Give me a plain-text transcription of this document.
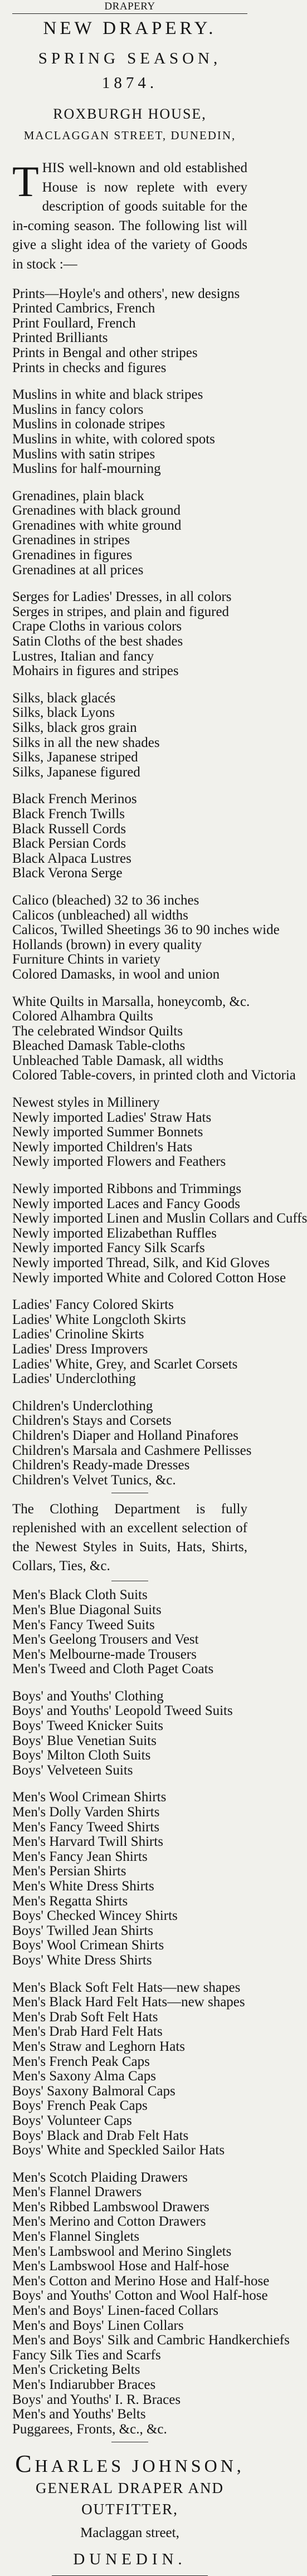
DRAPERY
NEW DRAPERY.
SPRING SEASON, 1874.
ROXBURGH HOUSE,
MACLAGGAN STREET, DUNEDIN,
T HIS well-known and old established House is now replete with every description of goods suitable for the in-coming season. The following list will give a slight idea of the variety of Goods in stock :—
Prints—Hoyle's and others', new designs
Printed Cambrics, French
Print Foullard, French
Printed Brilliants
Prints in Bengal and other stripes
Prints in checks and figures
Muslins in white and black stripes
Muslins in fancy colors
Muslins in colonade stripes
Muslins in white, with colored spots
Muslins with satin stripes
Muslins for half-mourning
Grenadines, plain black
Grenadines with black ground
Grenadines with white ground
Grenadines in stripes
Grenadines in figures
Grenadines at all prices
Serges for Ladies' Dresses, in all colors
Serges in stripes, and plain and figured
Crape Cloths in various colors
Satin Cloths of the best shades
Lustres, Italian and fancy
Mohairs in figures and stripes
Silks, black glacés
Silks, black Lyons
Silks, black gros grain
Silks in all the new shades
Silks, Japanese striped
Silks, Japanese figured
Black French Merinos
Black French Twills
Black Russell Cords
Black Persian Cords
Black Alpaca Lustres
Black Verona Serge
Calico (bleached) 32 to 36 inches
Calicos (unbleached) all widths
Calicos, Twilled Sheetings 36 to 90 inches wide
Hollands (brown) in every quality
Furniture Chints in variety
Colored Damasks, in wool and union
White Quilts in Marsalla, honeycomb, &c.
Colored Alhambra Quilts
The celebrated Windsor Quilts
Bleached Damask Table-cloths
Unbleached Table Damask, all widths
Colored Table-covers, in printed cloth and Victoria
Newest styles in Millinery
Newly imported Ladies' Straw Hats
Newly imported Summer Bonnets
Newly imported Children's Hats
Newly imported Flowers and Feathers
Newly imported Ribbons and Trimmings
Newly imported Laces and Fancy Goods
Newly imported Linen and Muslin Collars and Cuffs
Newly imported Elizabethan Ruffles
Newly imported Fancy Silk Scarfs
Newly imported Thread, Silk, and Kid Gloves
Newly imported White and Colored Cotton Hose
Ladies' Fancy Colored Skirts
Ladies' White Longcloth Skirts
Ladies' Crinoline Skirts
Ladies' Dress Improvers
Ladies' White, Grey, and Scarlet Corsets
Ladies' Underclothing
Children's Underclothing
Children's Stays and Corsets
Children's Diaper and Holland Pinafores
Children's Marsala and Cashmere Pellisses
Children's Ready-made Dresses
Children's Velvet Tunics, &c.
The Clothing Department is fully replenished with an excellent selection of the Newest Styles in Suits, Hats, Shirts, Collars, Ties, &c.
Men's Black Cloth Suits
Men's Blue Diagonal Suits
Men's Fancy Tweed Suits
Men's Geelong Trousers and Vest
Men's Melbourne-made Trousers
Men's Tweed and Cloth Paget Coats
Boys' and Youths' Clothing
Boys' and Youths' Leopold Tweed Suits
Boys' Tweed Knicker Suits
Boys' Blue Venetian Suits
Boys' Milton Cloth Suits
Boys' Velveteen Suits
Men's Wool Crimean Shirts
Men's Dolly Varden Shirts
Men's Fancy Tweed Shirts
Men's Harvard Twill Shirts
Men's Fancy Jean Shirts
Men's Persian Shirts
Men's White Dress Shirts
Men's Regatta Shirts
Boys' Checked Wincey Shirts
Boys' Twilled Jean Shirts
Boys' Wool Crimean Shirts
Boys' White Dress Shirts
Men's Black Soft Felt Hats—new shapes
Men's Black Hard Felt Hats—new shapes
Men's Drab Soft Felt Hats
Men's Drab Hard Felt Hats
Men's Straw and Leghorn Hats
Men's French Peak Caps
Men's Saxony Alma Caps
Boys' Saxony Balmoral Caps
Boys' French Peak Caps
Boys' Volunteer Caps
Boys' Black and Drab Felt Hats
Boys' White and Speckled Sailor Hats
Men's Scotch Plaiding Drawers
Men's Flannel Drawers
Men's Ribbed Lambswool Drawers
Men's Merino and Cotton Drawers
Men's Flannel Singlets
Men's Lambswool and Merino Singlets
Men's Lambswool Hose and Half-hose
Men's Cotton and Merino Hose and Half-hose
Boys' and Youths' Cotton and Wool Half-hose
Men's and Boys' Linen-faced Collars
Men's and Boys' Linen Collars
Men's and Boys' Silk and Cambric Handkerchiefs
Fancy Silk Ties and Scarfs
Men's Cricketing Belts
Men's Indiarubber Braces
Boys' and Youths' I. R. Braces
Men's and Youths' Belts
Puggarees, Fronts, &c., &c.
CHARLES JOHNSON,
GENERAL DRAPER AND OUTFITTER,
Maclaggan street,
DUNEDIN.
